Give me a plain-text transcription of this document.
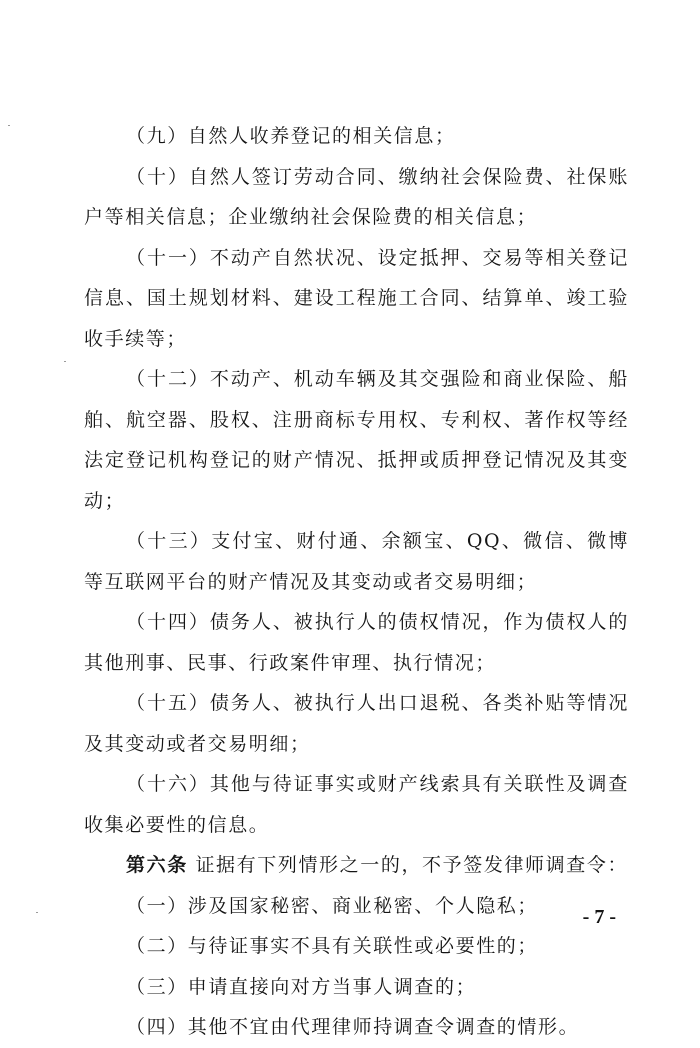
（九）自然人收养登记的相关信息；

（十）自然人签订劳动合同、缴纳社会保险费、社保账户等相关信息；企业缴纳社会保险费的相关信息；

（十一）不动产自然状况、设定抵押、交易等相关登记信息、国土规划材料、建设工程施工合同、结算单、竣工验收手续等；

（十二）不动产、机动车辆及其交强险和商业保险、船舶、航空器、股权、注册商标专用权、专利权、著作权等经法定登记机构登记的财产情况、抵押或质押登记情况及其变动；

（十三）支付宝、财付通、余额宝、QQ、微信、微博等互联网平台的财产情况及其变动或者交易明细；

（十四）债务人、被执行人的债权情况，作为债权人的其他刑事、民事、行政案件审理、执行情况；

（十五）债务人、被执行人出口退税、各类补贴等情况及其变动或者交易明细；

（十六）其他与待证事实或财产线索具有关联性及调查收集必要性的信息。

第六条 证据有下列情形之一的，不予签发律师调查令：

（一）涉及国家秘密、商业秘密、个人隐私；

（二）与待证事实不具有关联性或必要性的；

（三）申请直接向对方当事人调查的；

（四）其他不宜由代理律师持调查令调查的情形。

- 7 -
